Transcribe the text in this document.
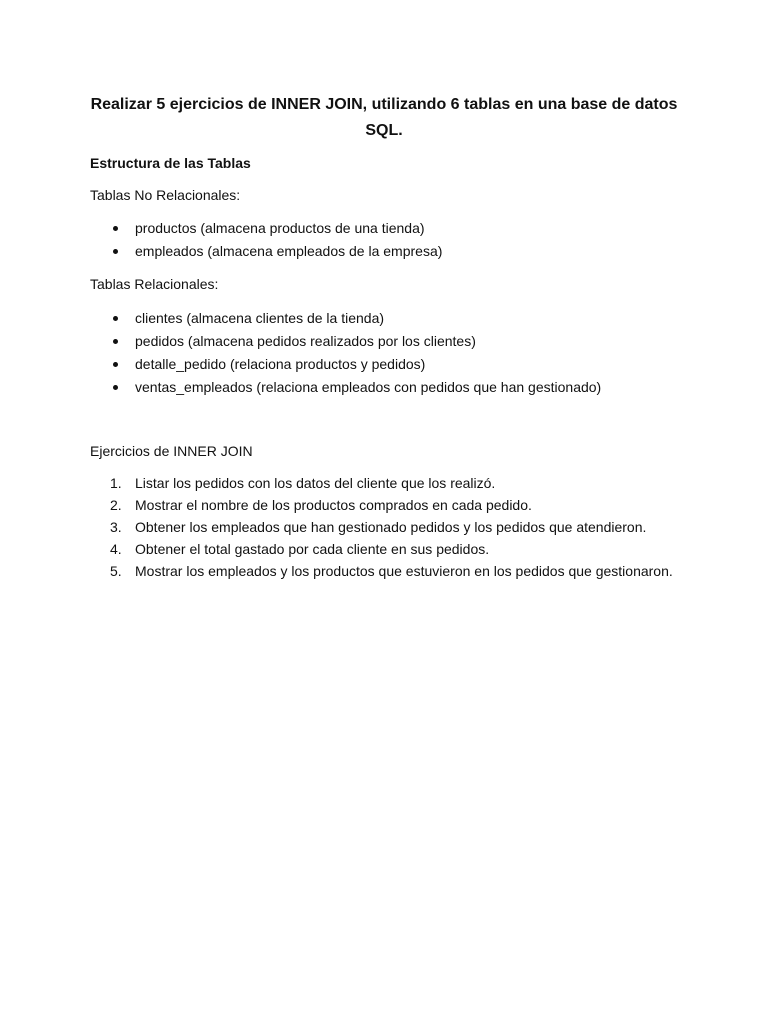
Realizar 5 ejercicios de INNER JOIN, utilizando 6 tablas en una base de datos SQL.

Estructura de las Tablas

Tablas No Relacionales:

productos (almacena productos de una tienda)
empleados (almacena empleados de la empresa)

Tablas Relacionales:

clientes (almacena clientes de la tienda)
pedidos (almacena pedidos realizados por los clientes)
detalle_pedido (relaciona productos y pedidos)
ventas_empleados (relaciona empleados con pedidos que han gestionado)

Ejercicios de INNER JOIN

1. Listar los pedidos con los datos del cliente que los realizó.
2. Mostrar el nombre de los productos comprados en cada pedido.
3. Obtener los empleados que han gestionado pedidos y los pedidos que atendieron.
4. Obtener el total gastado por cada cliente en sus pedidos.
5. Mostrar los empleados y los productos que estuvieron en los pedidos que gestionaron.
